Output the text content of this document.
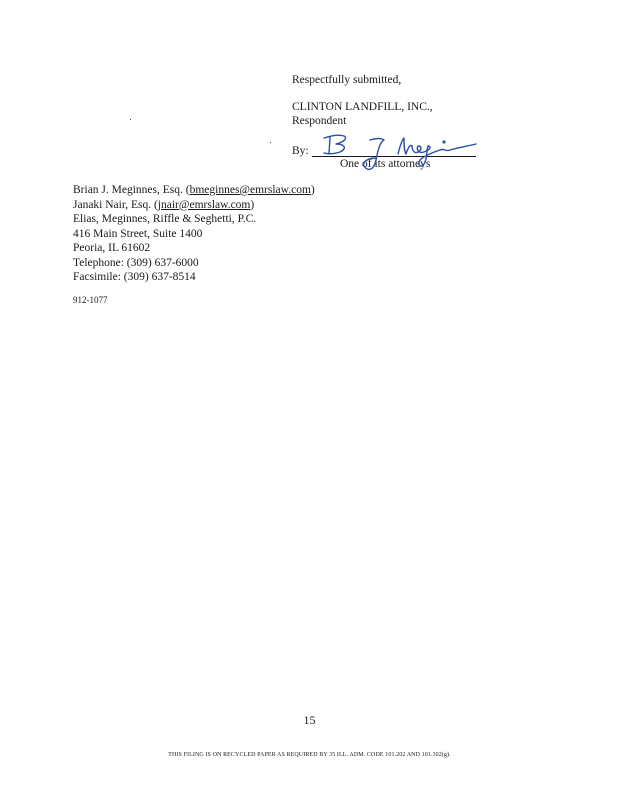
Respectfully submitted,
CLINTON LANDFILL, INC.,
Respondent
By:
One of its attorneys
Brian J. Meginnes, Esq. (bmeginnes@emrslaw.com)
Janaki Nair, Esq. (jnair@emrslaw.com)
Elias, Meginnes, Riffle & Seghetti, P.C.
416 Main Street, Suite 1400
Peoria, IL 61602
Telephone: (309) 637-6000
Facsimile: (309) 637-8514
912-1077
15
THIS FILING IS ON RECYCLED PAPER AS REQUIRED BY 35 ILL. ADM. CODE 101.202 AND 101.302(g).
